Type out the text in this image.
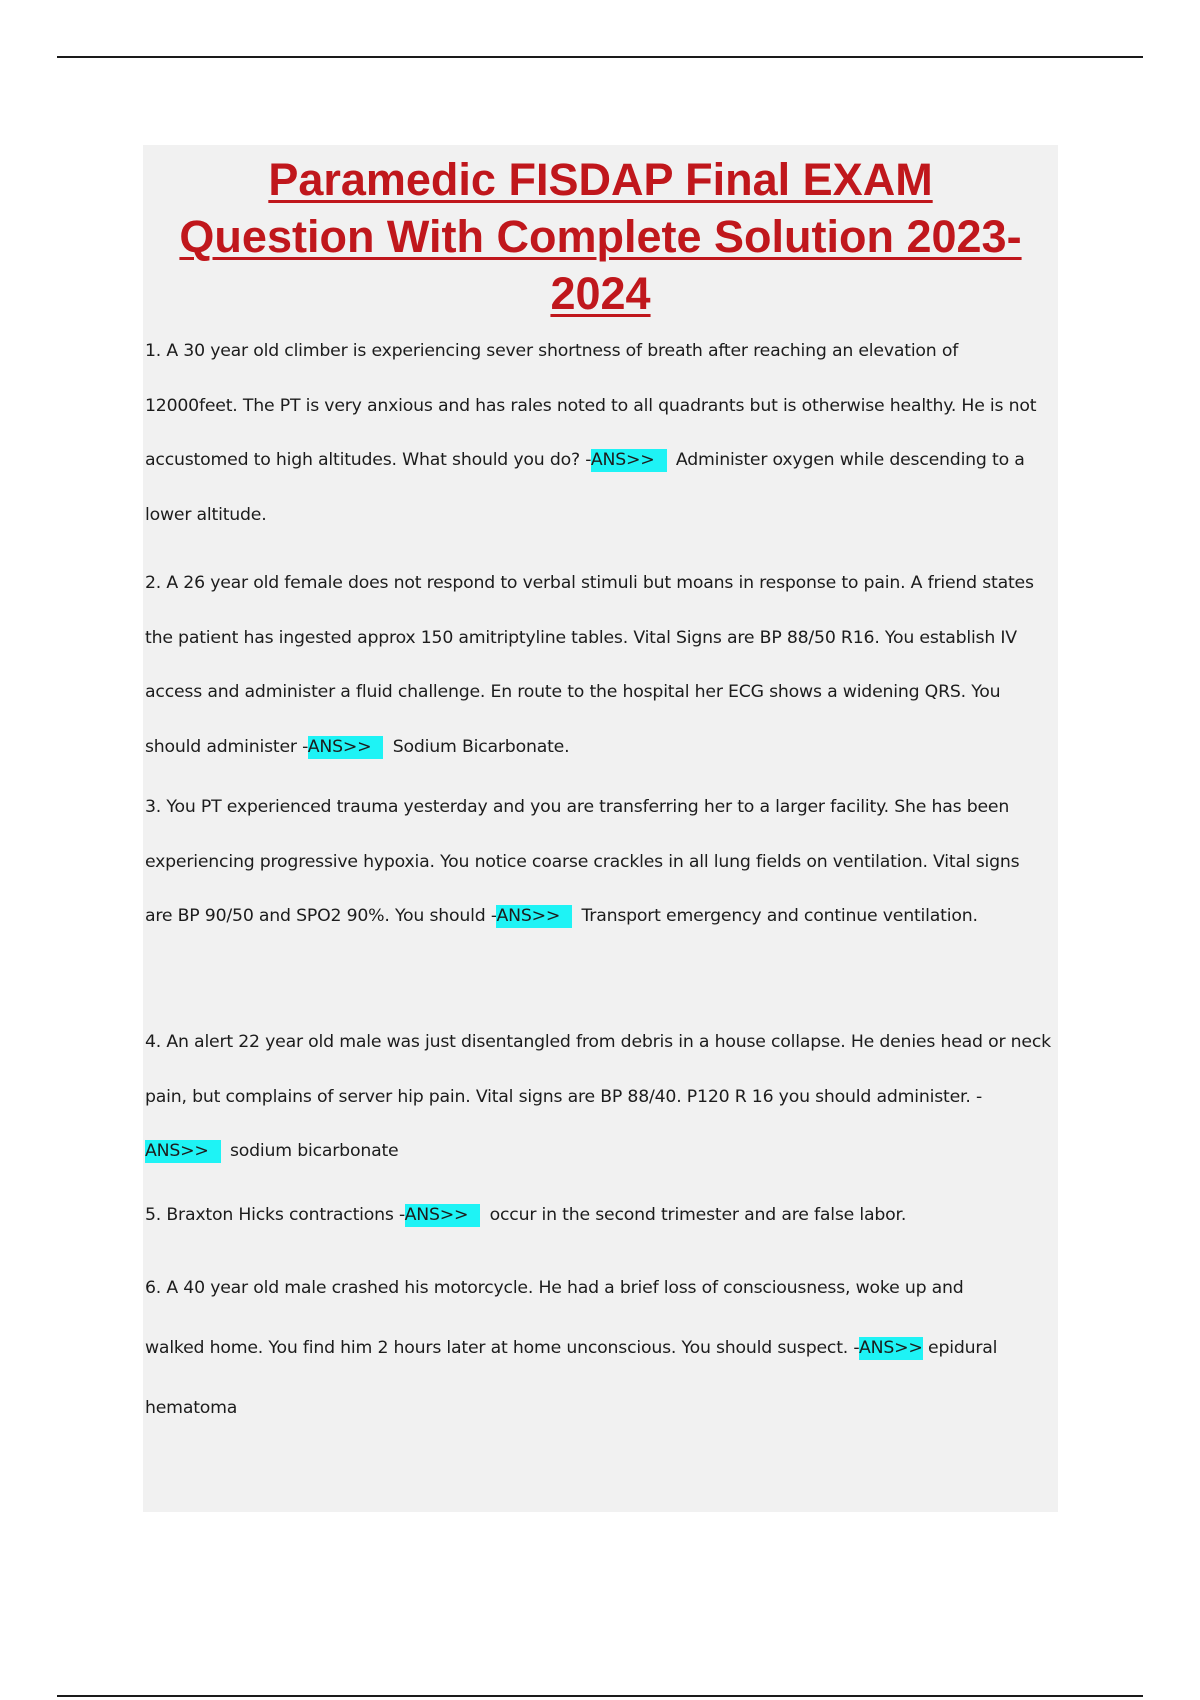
Paramedic FISDAP Final EXAM
Question With Complete Solution 2023-
2024

1. A 30 year old climber is experiencing sever shortness of breath after reaching an elevation of 12000feet. The PT is very anxious and has rales noted to all quadrants but is otherwise healthy. He is not accustomed to high altitudes. What should you do? -ANS>> Administer oxygen while descending to a lower altitude.

2. A 26 year old female does not respond to verbal stimuli but moans in response to pain. A friend states the patient has ingested approx 150 amitriptyline tables. Vital Signs are BP 88/50 R16. You establish IV access and administer a fluid challenge. En route to the hospital her ECG shows a widening QRS. You should administer -ANS>> Sodium Bicarbonate.

3. You PT experienced trauma yesterday and you are transferring her to a larger facility. She has been experiencing progressive hypoxia. You notice coarse crackles in all lung fields on ventilation. Vital signs are BP 90/50 and SPO2 90%. You should -ANS>> Transport emergency and continue ventilation.

4. An alert 22 year old male was just disentangled from debris in a house collapse. He denies head or neck pain, but complains of server hip pain. Vital signs are BP 88/40. P120 R 16 you should administer. -ANS>> sodium bicarbonate

5. Braxton Hicks contractions -ANS>> occur in the second trimester and are false labor.

6. A 40 year old male crashed his motorcycle. He had a brief loss of consciousness, woke up and walked home. You find him 2 hours later at home unconscious. You should suspect. -ANS>> epidural hematoma
